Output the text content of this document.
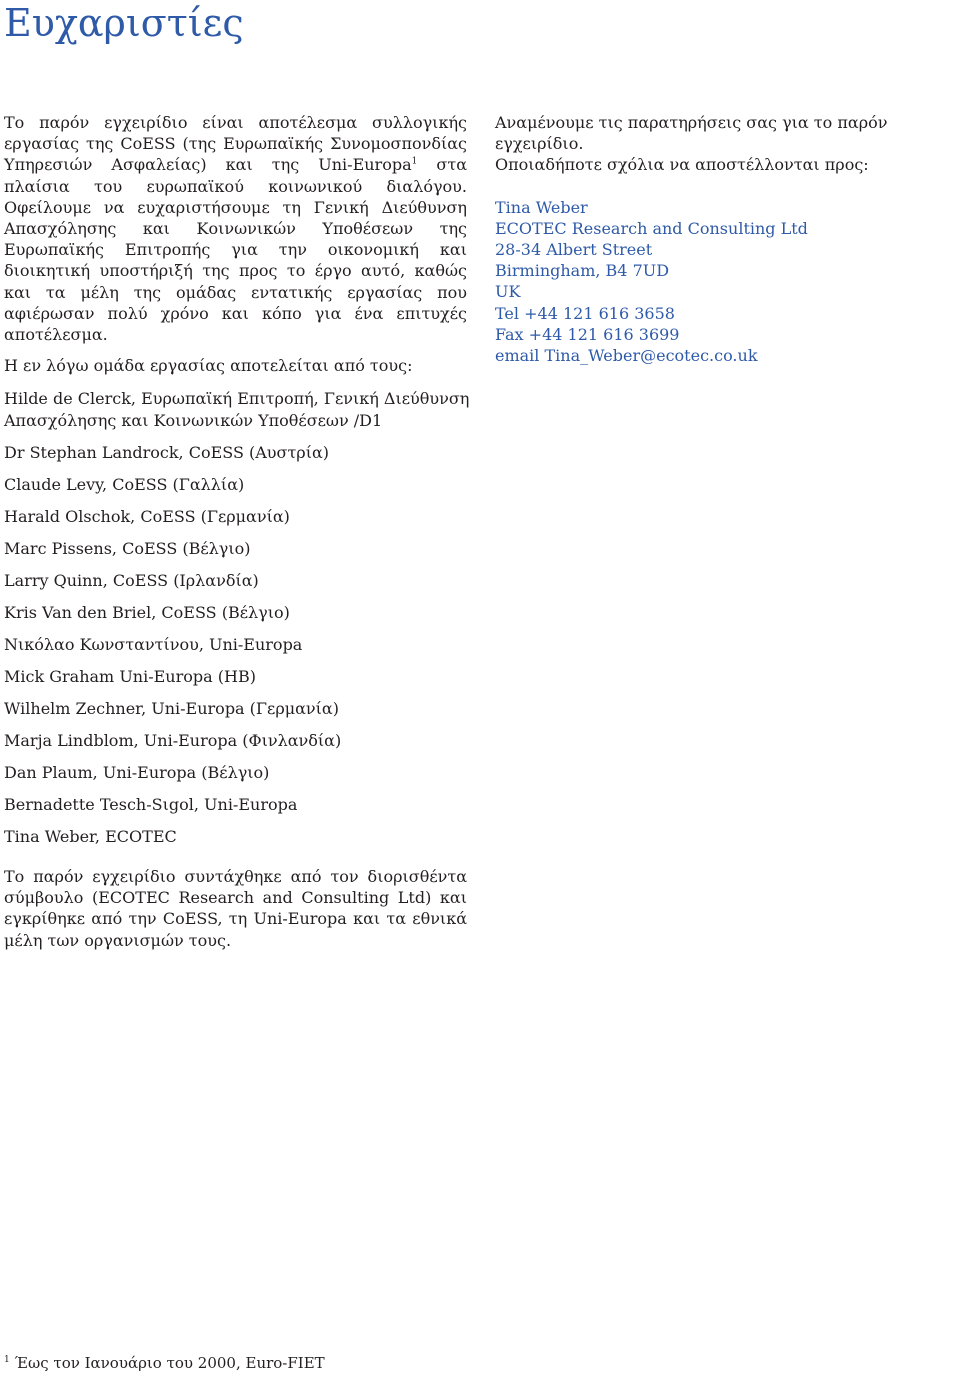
Ευχαριστίες

Το παρόν εγχειρίδιο είναι αποτέλεσμα συλλογικής εργασίας της CoESS (της Ευρωπαϊκής Συνομοσπονδίας Υπηρεσιών Ασφαλείας) και της Uni-Europa$^1$ στα πλαίσια του ευρωπαϊκού κοινωνικού διαλόγου. Οφείλουμε να ευχαριστήσουμε τη Γενική Διεύθυνση Απασχόλησης και Κοινωνικών Υποθέσεων της Ευρωπαϊκής Επιτροπής για την οικονομική και διοικητική υποστήριξή της προς το έργο αυτό, καθώς και τα μέλη της ομάδας εντατικής εργασίας που αφιέρωσαν πολύ χρόνο και κόπο για ένα επιτυχές αποτέλεσμα.

Η εν λόγω ομάδα εργασίας αποτελείται από τους:

Hilde de Clerck, Ευρωπαϊκή Επιτροπή, Γενική Διεύθυνση Απασχόλησης και Κοινωνικών Υποθέσεων /D1
Dr Stephan Landrock, CoESS (Αυστρία)
Claude Levy, CoESS (Γαλλία)
Harald Olschok, CoESS (Γερμανία)
Marc Pissens, CoESS (Βέλγιο)
Larry Quinn, CoESS (Ιρλανδία)
Kris Van den Briel, CoESS (Βέλγιο)
Νικόλαο Κωνσταντίνου, Uni-Europa
Mick Graham Uni-Europa (HB)
Wilhelm Zechner, Uni-Europa (Γερμανία)
Marja Lindblom, Uni-Europa (Φινλανδία)
Dan Plaum, Uni-Europa (Βέλγιο)
Bernadette Tesch-Sιgol, Uni-Europa
Tina Weber, ECOTEC

Το παρόν εγχειρίδιο συντάχθηκε από τον διορισθέντα σύμβουλο (ECOTEC Research and Consulting Ltd) και εγκρίθηκε από την CoESS, τη Uni-Europa και τα εθνικά μέλη των οργανισμών τους.

Αναμένουμε τις παρατηρήσεις σας για το παρόν εγχειρίδιο.

Οποιαδήποτε σχόλια να αποστέλλονται προς:

Tina Weber
ECOTEC Research and Consulting Ltd
28-34 Albert Street
Birmingham, B4 7UD
UK
Tel +44 121 616 3658
Fax +44 121 616 3699
email Tina_Weber@ecotec.co.uk
$^1$ Έως τον Ιανουάριο του 2000, Euro-FIET
